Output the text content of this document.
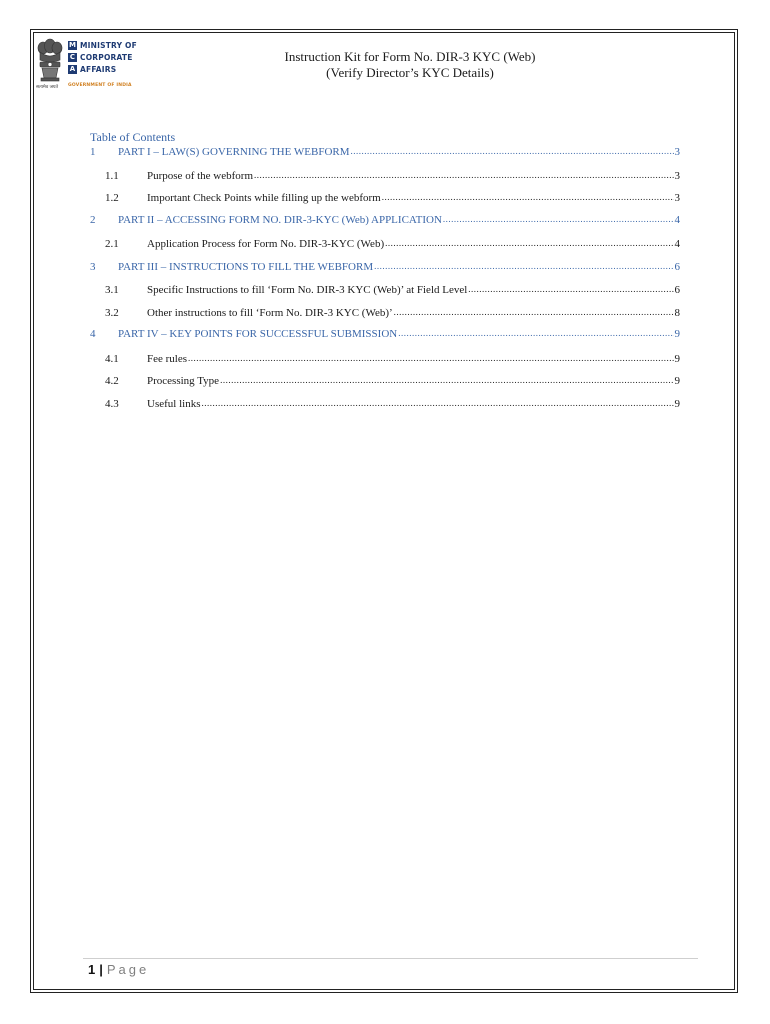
सत्यमेव जयते
M MINISTRY OF
C CORPORATE
A AFFAIRS
GOVERNMENT OF INDIA
Instruction Kit for Form No. DIR-3 KYC (Web)
(Verify Director’s KYC Details)
Table of Contents
1	PART I – LAW(S) GOVERNING THE WEBFORM .....	3
1.1	Purpose of the webform .....	3
1.2	Important Check Points while filling up the webform .....	3
2	PART II – ACCESSING FORM NO. DIR-3-KYC (Web) APPLICATION .....	4
2.1	Application Process for Form No. DIR-3-KYC (Web) .....	4
3	PART III – INSTRUCTIONS TO FILL THE WEBFORM .....	6
3.1	Specific Instructions to fill ‘Form No. DIR-3 KYC (Web)’ at Field Level .....	6
3.2	Other instructions to fill ‘Form No. DIR-3 KYC (Web)’ .....	8
4	PART IV – KEY POINTS FOR SUCCESSFUL SUBMISSION .....	9
4.1	Fee rules .....	9
4.2	Processing Type .....	9
4.3	Useful links .....	9
1 | Page
